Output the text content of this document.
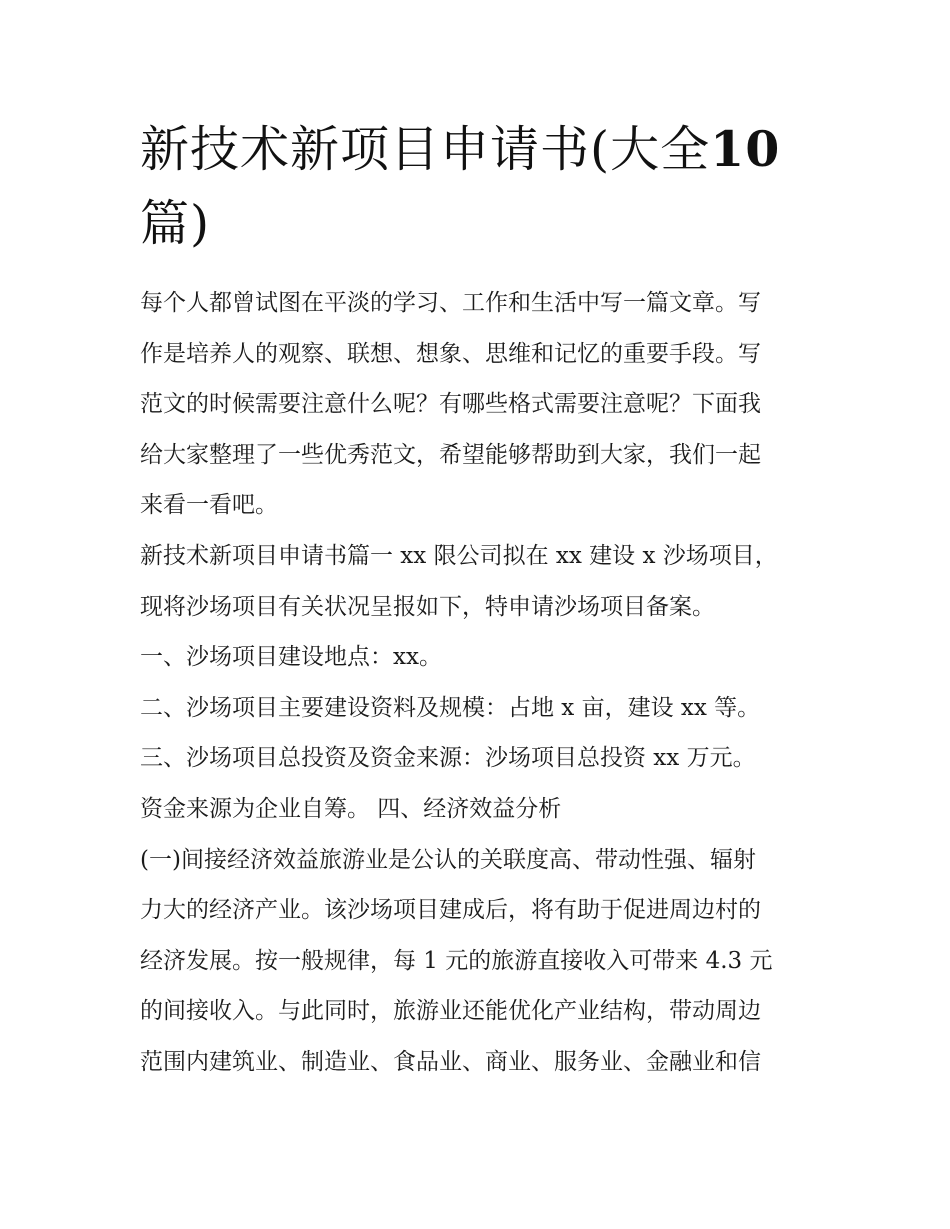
新技术新项目申请书(大全10
篇)
每个人都曾试图在平淡的学习、工作和生活中写一篇文章。写
作是培养人的观察、联想、想象、思维和记忆的重要手段。写
范文的时候需要注意什么呢？有哪些格式需要注意呢？下面我
给大家整理了一些优秀范文，希望能够帮助到大家，我们一起
来看一看吧。
新技术新项目申请书篇一 xx 限公司拟在 xx 建设 x 沙场项目，
现将沙场项目有关状况呈报如下，特申请沙场项目备案。
一、沙场项目建设地点：xx。
二、沙场项目主要建设资料及规模：占地 x 亩，建设 xx 等。
三、沙场项目总投资及资金来源：沙场项目总投资 xx 万元。
资金来源为企业自筹。 四、经济效益分析
(一)间接经济效益旅游业是公认的关联度高、带动性强、辐射
力大的经济产业。该沙场项目建成后，将有助于促进周边村的
经济发展。按一般规律，每 1 元的旅游直接收入可带来 4.3 元
的间接收入。与此同时，旅游业还能优化产业结构，带动周边
范围内建筑业、制造业、食品业、商业、服务业、金融业和信
